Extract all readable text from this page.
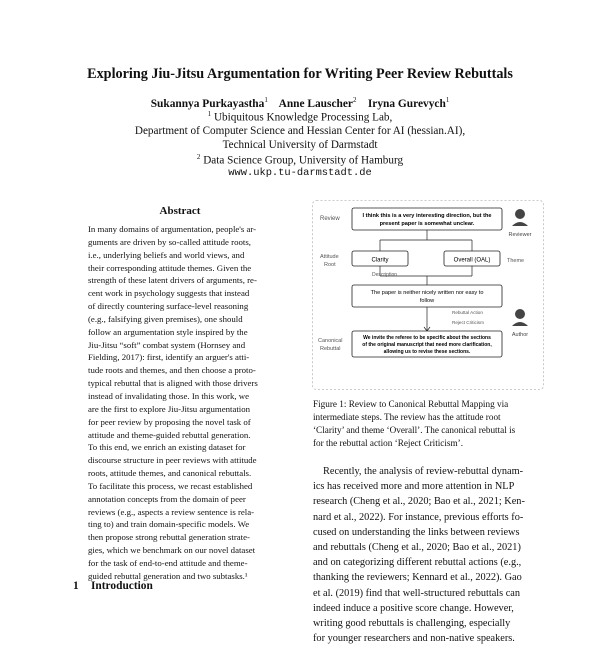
Exploring Jiu-Jitsu Argumentation for Writing Peer Review Rebuttals
Sukannya Purkayastha$^1$ Anne Lauscher$^2$ Iryna Gurevych$^1$
$^1$ Ubiquitous Knowledge Processing Lab,
Department of Computer Science and Hessian Center for AI (hessian.AI),
Technical University of Darmstadt
$^2$ Data Science Group, University of Hamburg
www.ukp.tu-darmstadt.de
Abstract
In many domains of argumentation, people's ar-
guments are driven by so-called attitude roots,
i.e., underlying beliefs and world views, and
their corresponding attitude themes. Given the
strength of these latent drivers of arguments, re-
cent work in psychology suggests that instead
of directly countering surface-level reasoning
(e.g., falsifying given premises), one should
follow an argumentation style inspired by the
Jiu-Jitsu “soft” combat system (Hornsey and
Fielding, 2017): first, identify an arguer's atti-
tude roots and themes, and then choose a proto-
typical rebuttal that is aligned with those drivers
instead of invalidating those. In this work, we
are the first to explore Jiu-Jitsu argumentation
for peer review by proposing the novel task of
attitude and theme-guided rebuttal generation.
To this end, we enrich an existing dataset for
discourse structure in peer reviews with attitude
roots, attitude themes, and canonical rebuttals.
To facilitate this process, we recast established
annotation concepts from the domain of peer
reviews (e.g., aspects a review sentence is rela-
ting to) and train domain-specific models. We
then propose strong rebuttal generation strate-
gies, which we benchmark on our novel dataset
for the task of end-to-end attitude and theme-
guided rebuttal generation and two subtasks.¹
1 Introduction
Review	I think this is a very interesting direction, but the
present paper is somewhat unclear.
Reviewer
Attitude
Root
Clarity	Overall (OAL)	Theme
Description
The paper is neither nicely written nor easy to
follow
Rebuttal Action
Reject Criticism
Author
Canonical
Rebuttal
We invite the referee to be specific about the sections
of the original manuscript that need more clarification,
allowing us to revise these sections.
Figure 1: Review to Canonical Rebuttal Mapping via
intermediate steps. The review has the attitude root
‘Clarity’ and theme ‘Overall’. The canonical rebuttal is
for the rebuttal action ‘Reject Criticism’.
Recently, the analysis of review-rebuttal dynam-
ics has received more and more attention in NLP
research (Cheng et al., 2020; Bao et al., 2021; Ken-
nard et al., 2022). For instance, previous efforts fo-
cused on understanding the links between reviews
and rebuttals (Cheng et al., 2020; Bao et al., 2021)
and on categorizing different rebuttal actions (e.g.,
thanking the reviewers; Kennard et al., 2022). Gao
et al. (2019) find that well-structured rebuttals can
indeed induce a positive score change. However,
writing good rebuttals is challenging, especially
for younger researchers and non-native speakers.
